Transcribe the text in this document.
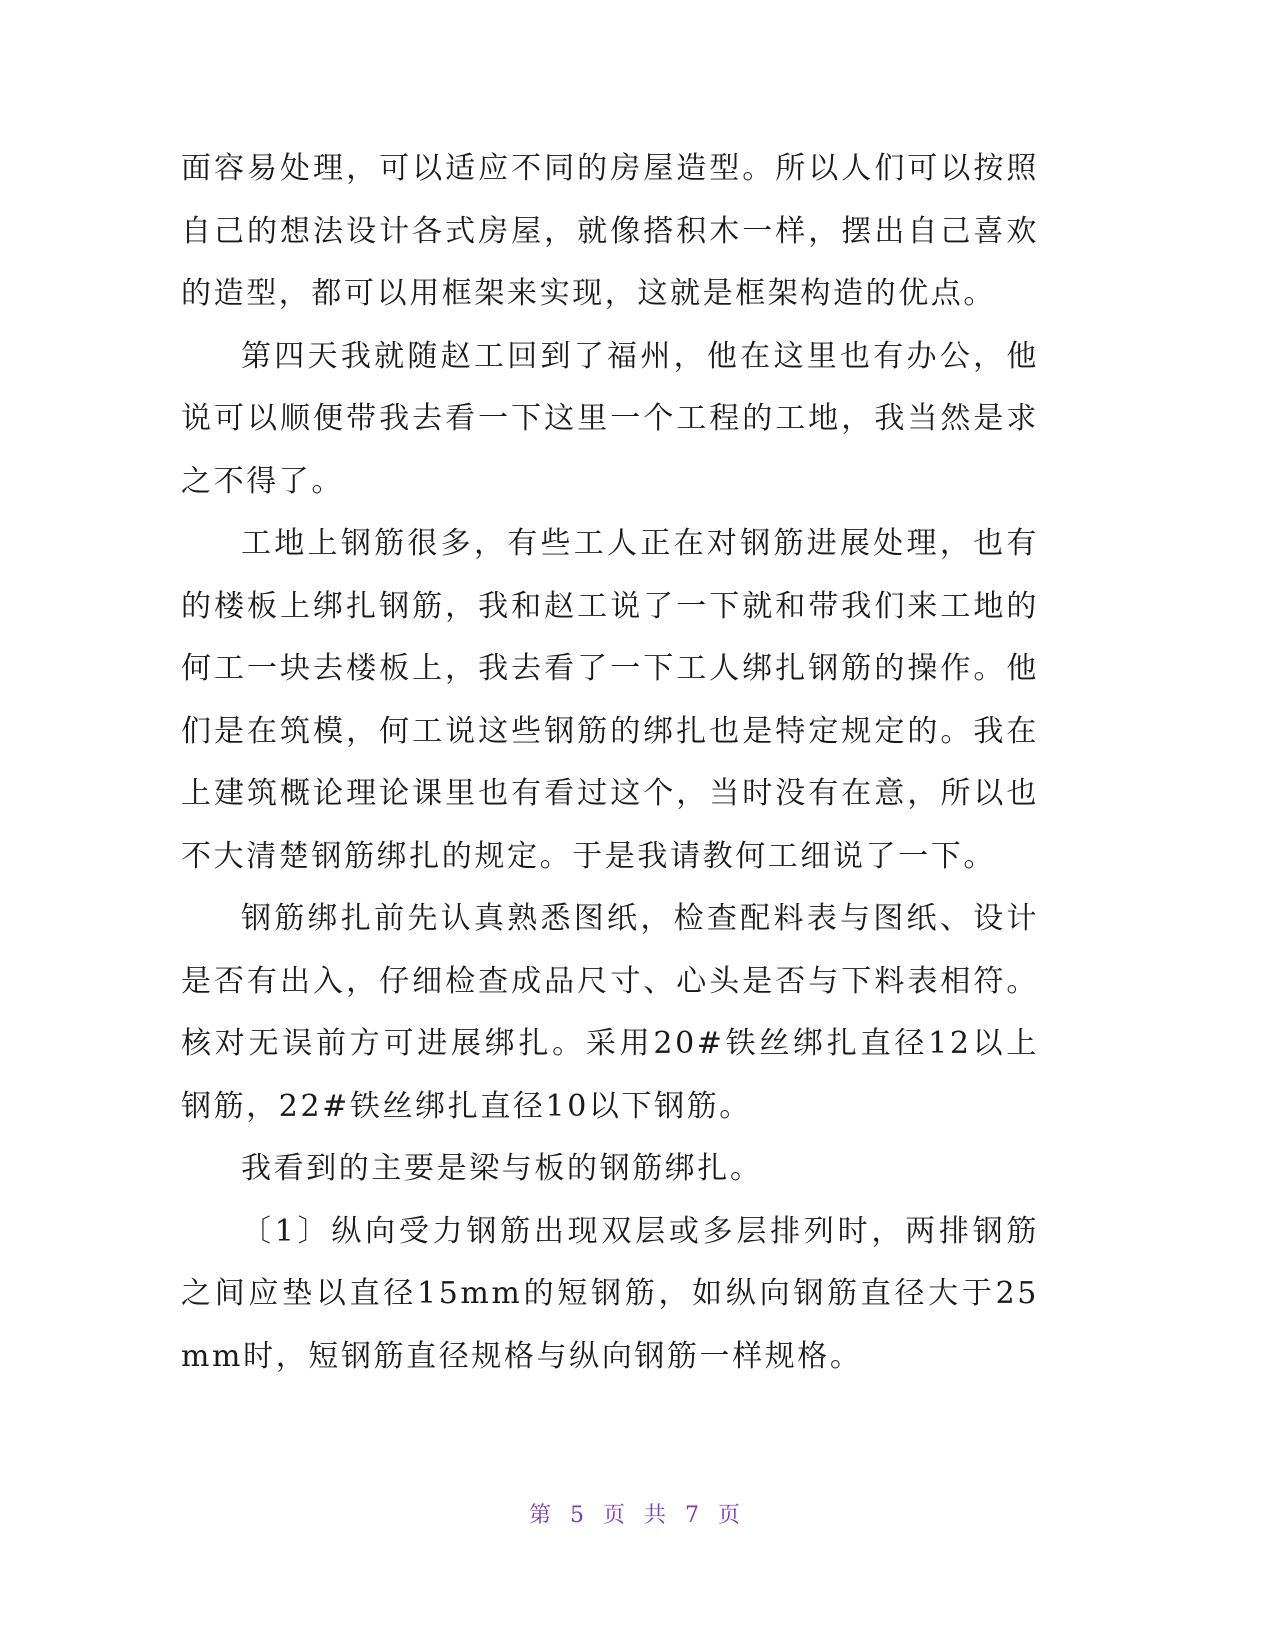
面容易处理，可以适应不同的房屋造型。所以人们可以按照自己的想法设计各式房屋，就像搭积木一样，摆出自己喜欢的造型，都可以用框架来实现，这就是框架构造的优点。

第四天我就随赵工回到了福州，他在这里也有办公，他说可以顺便带我去看一下这里一个工程的工地，我当然是求之不得了。

工地上钢筋很多，有些工人正在对钢筋进展处理，也有的楼板上绑扎钢筋，我和赵工说了一下就和带我们来工地的何工一块去楼板上，我去看了一下工人绑扎钢筋的操作。他们是在筑模，何工说这些钢筋的绑扎也是特定规定的。我在上建筑概论理论课里也有看过这个，当时没有在意，所以也不大清楚钢筋绑扎的规定。于是我请教何工细说了一下。

钢筋绑扎前先认真熟悉图纸，检查配料表与图纸、设计是否有出入，仔细检查成品尺寸、心头是否与下料表相符。核对无误前方可进展绑扎。采用20#铁丝绑扎直径12以上钢筋，22#铁丝绑扎直径10以下钢筋。

我看到的主要是梁与板的钢筋绑扎。

〔1〕纵向受力钢筋出现双层或多层排列时，两排钢筋之间应垫以直径15mm的短钢筋，如纵向钢筋直径大于25mm时，短钢筋直径规格与纵向钢筋一样规格。

第 5 页 共 7 页
